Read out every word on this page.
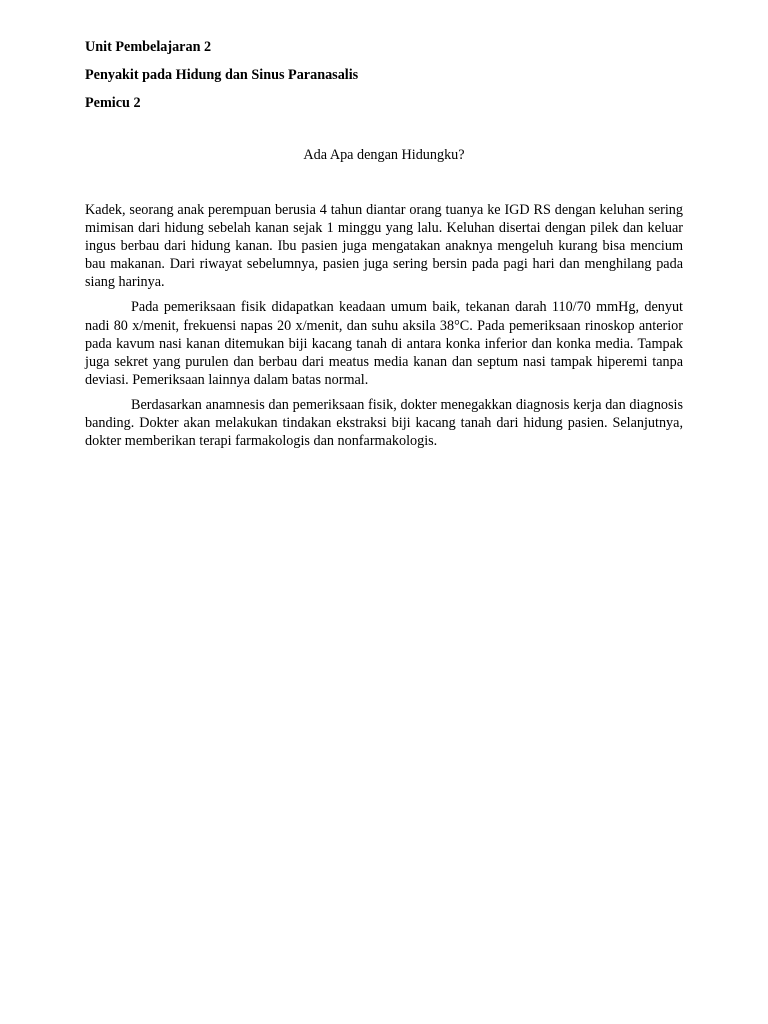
Unit Pembelajaran 2
Penyakit pada Hidung dan Sinus Paranasalis
Pemicu 2
Ada Apa dengan Hidungku?

Kadek, seorang anak perempuan berusia 4 tahun diantar orang tuanya ke IGD RS dengan keluhan sering mimisan dari hidung sebelah kanan sejak 1 minggu yang lalu. Keluhan disertai dengan pilek dan keluar ingus berbau dari hidung kanan. Ibu pasien juga mengatakan anaknya mengeluh kurang bisa mencium bau makanan. Dari riwayat sebelumnya, pasien juga sering bersin pada pagi hari dan menghilang pada siang harinya.

Pada pemeriksaan fisik didapatkan keadaan umum baik, tekanan darah 110/70 mmHg, denyut nadi 80 x/menit, frekuensi napas 20 x/menit, dan suhu aksila 38°C. Pada pemeriksaan rinoskop anterior pada kavum nasi kanan ditemukan biji kacang tanah di antara konka inferior dan konka media. Tampak juga sekret yang purulen dan berbau dari meatus media kanan dan septum nasi tampak hiperemi tanpa deviasi. Pemeriksaan lainnya dalam batas normal.

Berdasarkan anamnesis dan pemeriksaan fisik, dokter menegakkan diagnosis kerja dan diagnosis banding. Dokter akan melakukan tindakan ekstraksi biji kacang tanah dari hidung pasien. Selanjutnya, dokter memberikan terapi farmakologis dan nonfarmakologis.
